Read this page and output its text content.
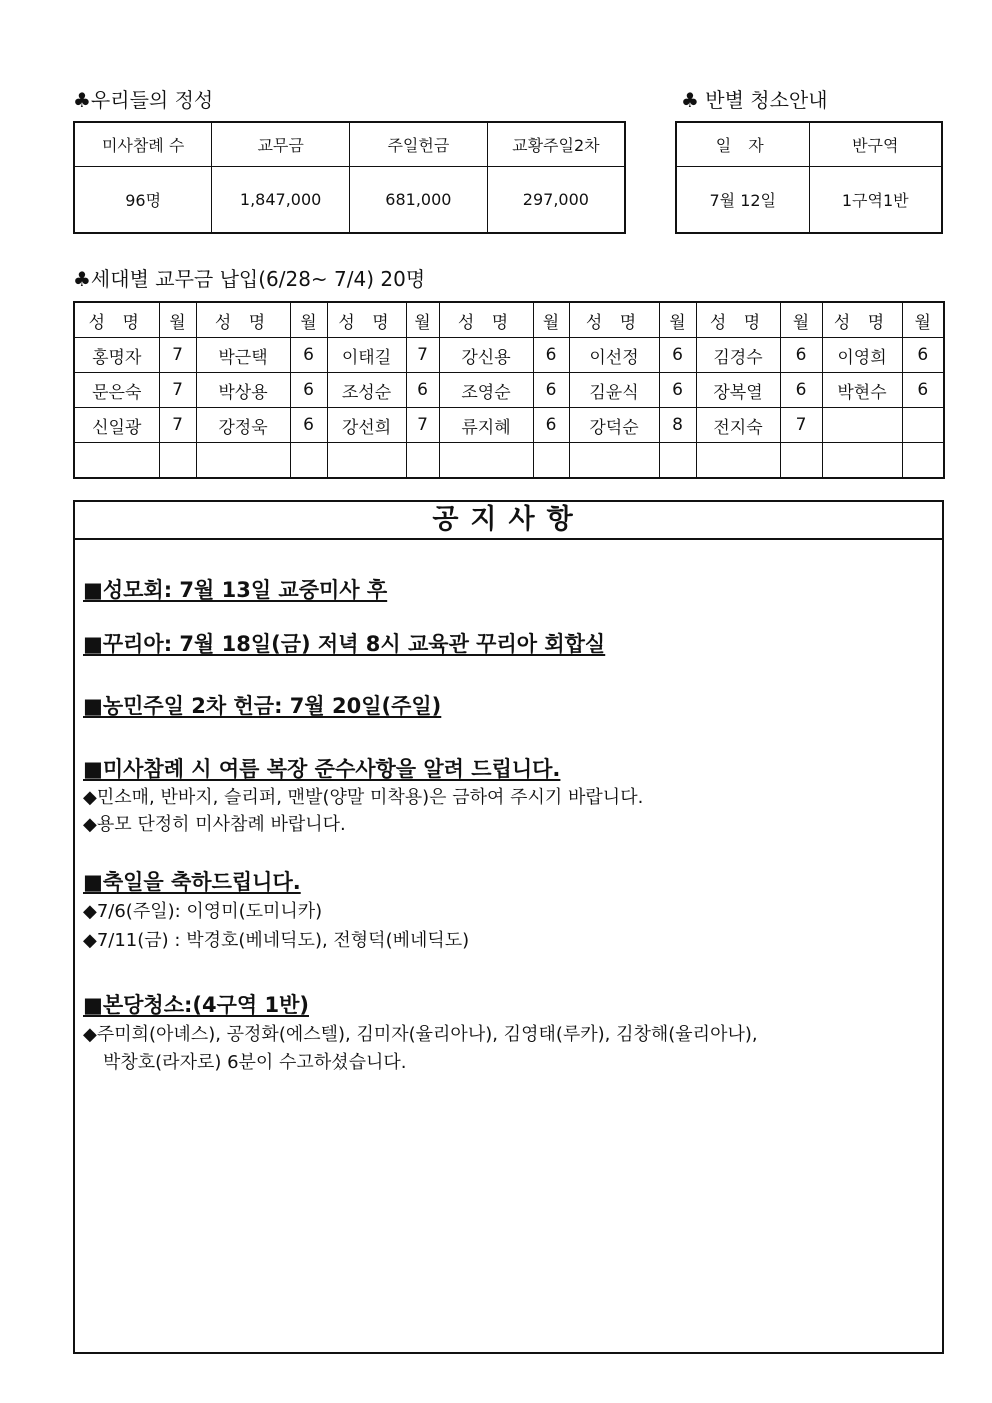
♣우리들의 정성
미사참례 수	교무금	주일헌금	교황주일2차
96명	1,847,000	681,000	297,000
♣ 반별 청소안내
일 자	반구역
7월 12일	1구역1반
♣세대별 교무금 납입(6/28~ 7/4) 20명
성 명	월	성 명	월	성 명	월	성 명	월	성 명	월	성 명	월	성 명	월
홍명자	7	박근택	6	이태길	7	강신용	6	이선정	6	김경수	6	이영희	6
문은숙	7	박상용	6	조성순	6	조영순	6	김윤식	6	장복열	6	박현수	6
신일광	7	강정욱	6	강선희	7	류지혜	6	강덕순	8	전지숙	7		

공지사항
■성모회: 7월 13일 교중미사 후
■꾸리아: 7월 18일(금) 저녁 8시 교육관 꾸리아 회합실
■농민주일 2차 헌금: 7월 20일(주일)
■미사참례 시 여름 복장 준수사항을 알려 드립니다.
◆민소매, 반바지, 슬리퍼, 맨발(양말 미착용)은 금하여 주시기 바랍니다.
◆용모 단정히 미사참례 바랍니다.
■축일을 축하드립니다.
◆7/6(주일): 이영미(도미니카)
◆7/11(금) : 박경호(베네딕도), 전형덕(베네딕도)
■본당청소:(4구역 1반)
◆주미희(아녜스), 공정화(에스텔), 김미자(율리아나), 김영태(루카), 김창해(율리아나),
박창호(라자로) 6분이 수고하셨습니다.
